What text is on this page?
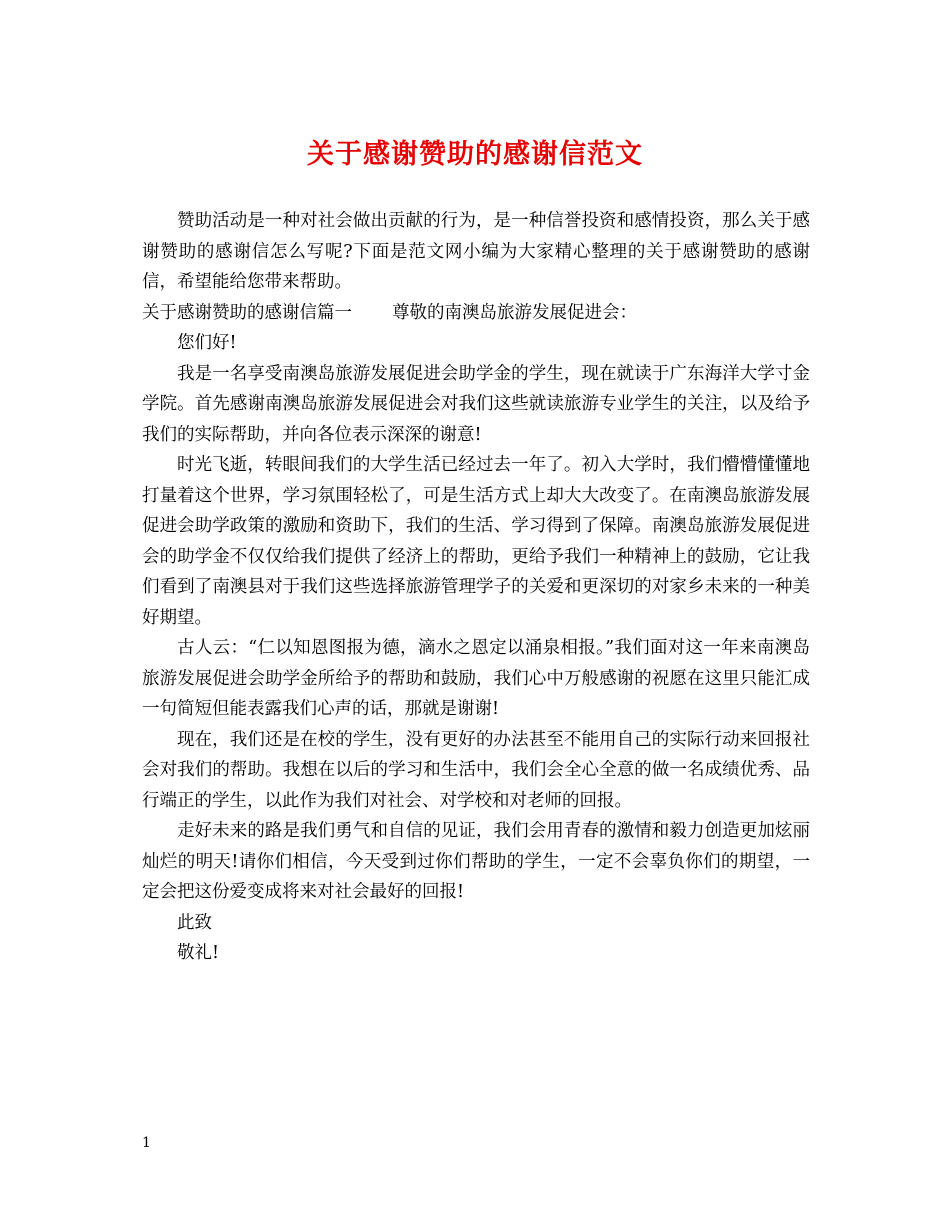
关于感谢赞助的感谢信范文

赞助活动是一种对社会做出贡献的行为，是一种信誉投资和感情投资，那么关于感谢赞助的感谢信怎么写呢?下面是范文网小编为大家精心整理的关于感谢赞助的感谢信，希望能给您带来帮助。

关于感谢赞助的感谢信篇一 尊敬的南澳岛旅游发展促进会：

您们好!

我是一名享受南澳岛旅游发展促进会助学金的学生，现在就读于广东海洋大学寸金学院。首先感谢南澳岛旅游发展促进会对我们这些就读旅游专业学生的关注，以及给予我们的实际帮助，并向各位表示深深的谢意!

时光飞逝，转眼间我们的大学生活已经过去一年了。初入大学时，我们懵懵懂懂地打量着这个世界，学习氛围轻松了，可是生活方式上却大大改变了。在南澳岛旅游发展促进会助学政策的激励和资助下，我们的生活、学习得到了保障。南澳岛旅游发展促进会的助学金不仅仅给我们提供了经济上的帮助，更给予我们一种精神上的鼓励，它让我们看到了南澳县对于我们这些选择旅游管理学子的关爱和更深切的对家乡未来的一种美好期望。

古人云：“仁以知恩图报为德，滴水之恩定以涌泉相报。”我们面对这一年来南澳岛旅游发展促进会助学金所给予的帮助和鼓励，我们心中万般感谢的祝愿在这里只能汇成一句简短但能表露我们心声的话，那就是谢谢!

现在，我们还是在校的学生，没有更好的办法甚至不能用自己的实际行动来回报社会对我们的帮助。我想在以后的学习和生活中，我们会全心全意的做一名成绩优秀、品行端正的学生，以此作为我们对社会、对学校和对老师的回报。

走好未来的路是我们勇气和自信的见证，我们会用青春的激情和毅力创造更加炫丽灿烂的明天!请你们相信，今天受到过你们帮助的学生，一定不会辜负你们的期望，一定会把这份爱变成将来对社会最好的回报!

此致

敬礼!

1
